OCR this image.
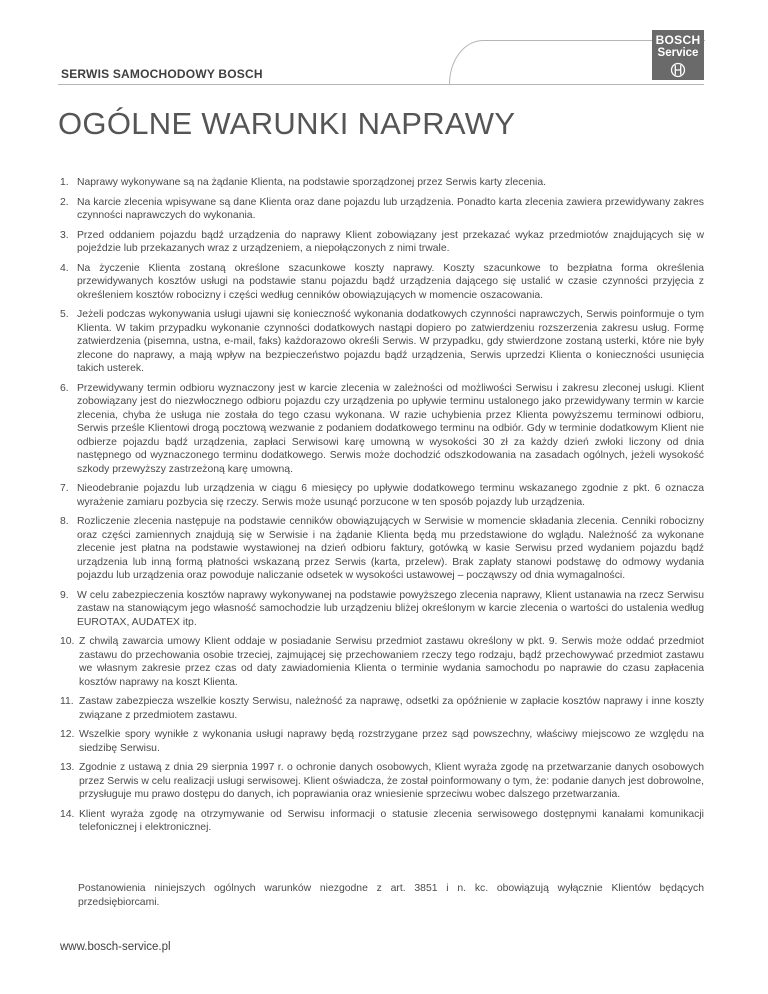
SERWIS SAMOCHODOWY BOSCH
BOSCH
Service
OGÓLNE WARUNKI NAPRAWY
1. Naprawy wykonywane są na żądanie Klienta, na podstawie sporządzonej przez Serwis karty zlecenia.
2. Na karcie zlecenia wpisywane są dane Klienta oraz dane pojazdu lub urządzenia. Ponadto karta zlecenia zawiera przewidywany zakres czynności naprawczych do wykonania.
3. Przed oddaniem pojazdu bądź urządzenia do naprawy Klient zobowiązany jest przekazać wykaz przedmiotów znajdujących się w pojeździe lub przekazanych wraz z urządzeniem, a niepołączonych z nimi trwale.
4. Na życzenie Klienta zostaną określone szacunkowe koszty naprawy. Koszty szacunkowe to bezpłatna forma określenia przewidywanych kosztów usługi na podstawie stanu pojazdu bądź urządzenia dającego się ustalić w czasie czynności przyjęcia z określeniem kosztów robocizny i części według cenników obowiązujących w momencie oszacowania.
5. Jeżeli podczas wykonywania usługi ujawni się konieczność wykonania dodatkowych czynności naprawczych, Serwis poinformuje o tym Klienta. W takim przypadku wykonanie czynności dodatkowych nastąpi dopiero po zatwierdzeniu rozszerzenia zakresu usług. Formę zatwierdzenia (pisemna, ustna, e-mail, faks) każdorazowo określi Serwis. W przypadku, gdy stwierdzone zostaną usterki, które nie były zlecone do naprawy, a mają wpływ na bezpieczeństwo pojazdu bądź urządzenia, Serwis uprzedzi Klienta o konieczności usunięcia takich usterek.
6. Przewidywany termin odbioru wyznaczony jest w karcie zlecenia w zależności od możliwości Serwisu i zakresu zleconej usługi. Klient zobowiązany jest do niezwłocznego odbioru pojazdu czy urządzenia po upływie terminu ustalonego jako przewidywany termin w karcie zlecenia, chyba że usługa nie została do tego czasu wykonana. W razie uchybienia przez Klienta powyższemu terminowi odbioru, Serwis prześle Klientowi drogą pocztową wezwanie z podaniem dodatkowego terminu na odbiór. Gdy w terminie dodatkowym Klient nie odbierze pojazdu bądź urządzenia, zapłaci Serwisowi karę umowną w wysokości 30 zł za każdy dzień zwłoki liczony od dnia następnego od wyznaczonego terminu dodatkowego. Serwis może dochodzić odszkodowania na zasadach ogólnych, jeżeli wysokość szkody przewyższy zastrzeżoną karę umowną.
7. Nieodebranie pojazdu lub urządzenia w ciągu 6 miesięcy po upływie dodatkowego terminu wskazanego zgodnie z pkt. 6 oznacza wyrażenie zamiaru pozbycia się rzeczy. Serwis może usunąć porzucone w ten sposób pojazdy lub urządzenia.
8. Rozliczenie zlecenia następuje na podstawie cenników obowiązujących w Serwisie w momencie składania zlecenia. Cenniki robocizny oraz części zamiennych znajdują się w Serwisie i na żądanie Klienta będą mu przedstawione do wglądu. Należność za wykonane zlecenie jest płatna na podstawie wystawionej na dzień odbioru faktury, gotówką w kasie Serwisu przed wydaniem pojazdu bądź urządzenia lub inną formą płatności wskazaną przez Serwis (karta, przelew). Brak zapłaty stanowi podstawę do odmowy wydania pojazdu lub urządzenia oraz powoduje naliczanie odsetek w wysokości ustawowej – począwszy od dnia wymagalności.
9. W celu zabezpieczenia kosztów naprawy wykonywanej na podstawie powyższego zlecenia naprawy, Klient ustanawia na rzecz Serwisu zastaw na stanowiącym jego własność samochodzie lub urządzeniu bliżej określonym w karcie zlecenia o wartości do ustalenia według EUROTAX, AUDATEX itp.
10. Z chwilą zawarcia umowy Klient oddaje w posiadanie Serwisu przedmiot zastawu określony w pkt. 9. Serwis może oddać przedmiot zastawu do przechowania osobie trzeciej, zajmującej się przechowaniem rzeczy tego rodzaju, bądź przechowywać przedmiot zastawu we własnym zakresie przez czas od daty zawiadomienia Klienta o terminie wydania samochodu po naprawie do czasu zapłacenia kosztów naprawy na koszt Klienta.
11. Zastaw zabezpiecza wszelkie koszty Serwisu, należność za naprawę, odsetki za opóźnienie w zapłacie kosztów naprawy i inne koszty związane z przedmiotem zastawu.
12. Wszelkie spory wynikłe z wykonania usługi naprawy będą rozstrzygane przez sąd powszechny, właściwy miejscowo ze względu na siedzibę Serwisu.
13. Zgodnie z ustawą z dnia 29 sierpnia 1997 r. o ochronie danych osobowych, Klient wyraża zgodę na przetwarzanie danych osobowych przez Serwis w celu realizacji usługi serwisowej. Klient oświadcza, że został poinformowany o tym, że: podanie danych jest dobrowolne, przysługuje mu prawo dostępu do danych, ich poprawiania oraz wniesienie sprzeciwu wobec dalszego przetwarzania.
14. Klient wyraża zgodę na otrzymywanie od Serwisu informacji o statusie zlecenia serwisowego dostępnymi kanałami komunikacji telefonicznej i elektronicznej.

Postanowienia niniejszych ogólnych warunków niezgodne z art. 3851 i n. kc. obowiązują wyłącznie Klientów będących przedsiębiorcami.

www.bosch-service.pl
